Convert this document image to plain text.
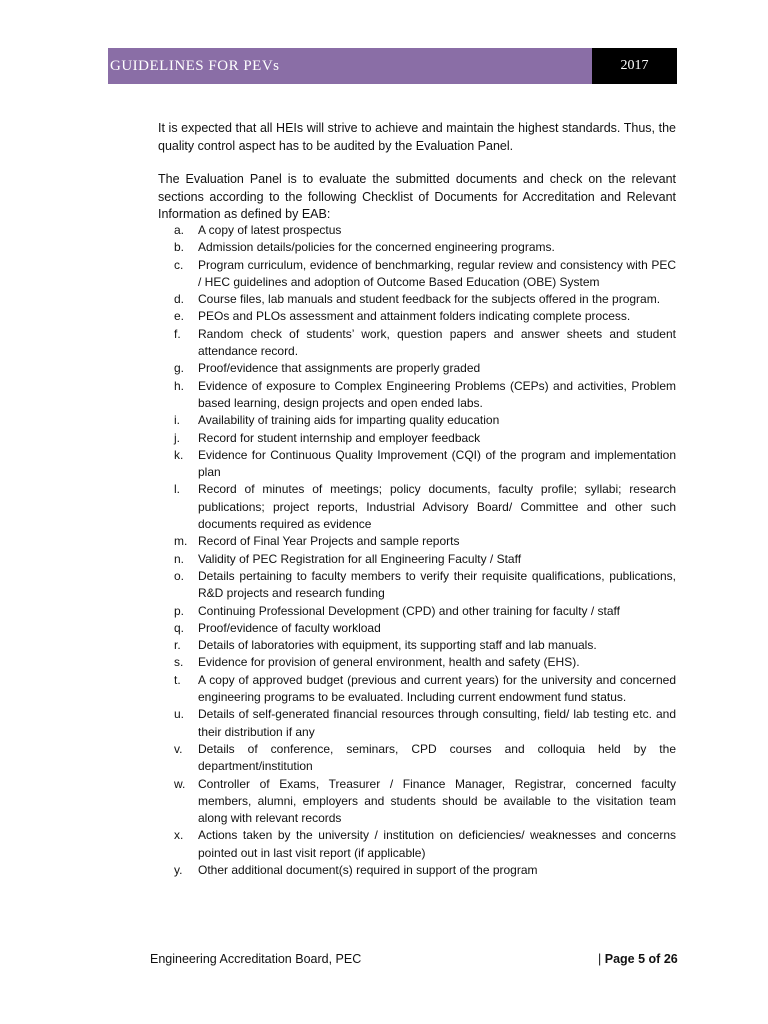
GUIDELINES FOR PEVs	2017

It is expected that all HEIs will strive to achieve and maintain the highest standards. Thus, the quality control aspect has to be audited by the Evaluation Panel.

The Evaluation Panel is to evaluate the submitted documents and check on the relevant sections according to the following Checklist of Documents for Accreditation and Relevant Information as defined by EAB:

a. A copy of latest prospectus
b. Admission details/policies for the concerned engineering programs.
c. Program curriculum, evidence of benchmarking, regular review and consistency with PEC / HEC guidelines and adoption of Outcome Based Education (OBE) System
d. Course files, lab manuals and student feedback for the subjects offered in the program.
e. PEOs and PLOs assessment and attainment folders indicating complete process.
f. Random check of students’ work, question papers and answer sheets and student attendance record.
g. Proof/evidence that assignments are properly graded
h. Evidence of exposure to Complex Engineering Problems (CEPs) and activities, Problem based learning, design projects and open ended labs.
i. Availability of training aids for imparting quality education
j. Record for student internship and employer feedback
k. Evidence for Continuous Quality Improvement (CQI) of the program and implementation plan
l. Record of minutes of meetings; policy documents, faculty profile; syllabi; research publications; project reports, Industrial Advisory Board/ Committee and other such documents required as evidence
m. Record of Final Year Projects and sample reports
n. Validity of PEC Registration for all Engineering Faculty / Staff
o. Details pertaining to faculty members to verify their requisite qualifications, publications, R&D projects and research funding
p. Continuing Professional Development (CPD) and other training for faculty / staff
q. Proof/evidence of faculty workload
r. Details of laboratories with equipment, its supporting staff and lab manuals.
s. Evidence for provision of general environment, health and safety (EHS).
t. A copy of approved budget (previous and current years) for the university and concerned engineering programs to be evaluated. Including current endowment fund status.
u. Details of self-generated financial resources through consulting, field/ lab testing etc. and their distribution if any
v. Details of conference, seminars, CPD courses and colloquia held by the department/institution
w. Controller of Exams, Treasurer / Finance Manager, Registrar, concerned faculty members, alumni, employers and students should be available to the visitation team along with relevant records
x. Actions taken by the university / institution on deficiencies/ weaknesses and concerns pointed out in last visit report (if applicable)
y. Other additional document(s) required in support of the program
Engineering Accreditation Board, PEC	| Page 5 of 26
